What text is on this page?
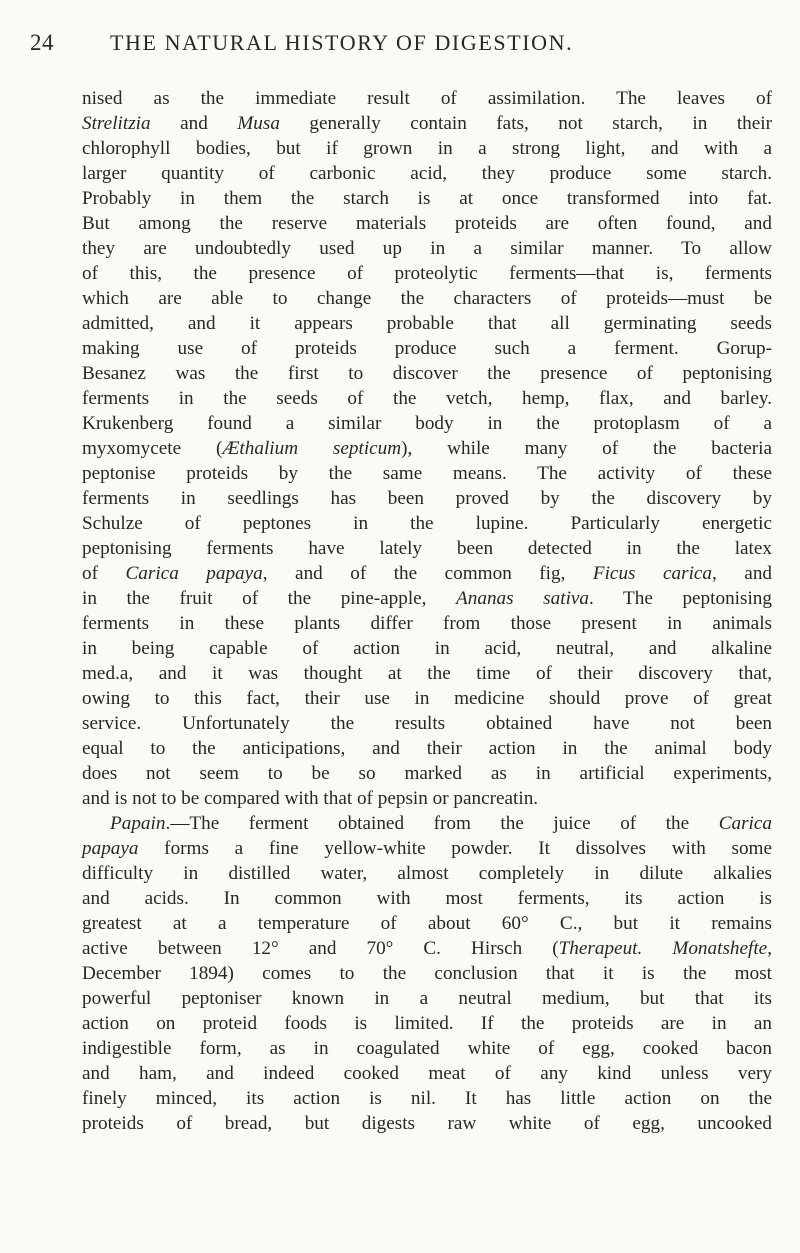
24	THE NATURAL HISTORY OF DIGESTION.
nised as the immediate result of assimilation. The leaves of
Strelitzia and Musa generally contain fats, not starch, in their
chlorophyll bodies, but if grown in a strong light, and with a
larger quantity of carbonic acid, they produce some starch.
Probably in them the starch is at once transformed into fat.
But among the reserve materials proteids are often found, and
they are undoubtedly used up in a similar manner. To allow
of this, the presence of proteolytic ferments—that is, ferments
which are able to change the characters of proteids—must be
admitted, and it appears probable that all germinating seeds
making use of proteids produce such a ferment. Gorup-
Besanez was the first to discover the presence of peptonising
ferments in the seeds of the vetch, hemp, flax, and barley.
Krukenberg found a similar body in the protoplasm of a
myxomycete (Æthalium septicum), while many of the bacteria
peptonise proteids by the same means. The activity of these
ferments in seedlings has been proved by the discovery by
Schulze of peptones in the lupine. Particularly energetic
peptonising ferments have lately been detected in the latex
of Carica papaya, and of the common fig, Ficus carica, and
in the fruit of the pine-apple, Ananas sativa. The peptonising
ferments in these plants differ from those present in animals
in being capable of action in acid, neutral, and alkaline
med.a, and it was thought at the time of their discovery that,
owing to this fact, their use in medicine should prove of great
service. Unfortunately the results obtained have not been
equal to the anticipations, and their action in the animal body
does not seem to be so marked as in artificial experiments,
and is not to be compared with that of pepsin or pancreatin.
Papain.—The ferment obtained from the juice of the Carica
papaya forms a fine yellow-white powder. It dissolves with some
difficulty in distilled water, almost completely in dilute alkalies
and acids. In common with most ferments, its action is
greatest at a temperature of about 60° C., but it remains
active between 12° and 70° C. Hirsch (Therapeut. Monatshefte,
December 1894) comes to the conclusion that it is the most
powerful peptoniser known in a neutral medium, but that its
action on proteid foods is limited. If the proteids are in an
indigestible form, as in coagulated white of egg, cooked bacon
and ham, and indeed cooked meat of any kind unless very
finely minced, its action is nil. It has little action on the
proteids of bread, but digests raw white of egg, uncooked
